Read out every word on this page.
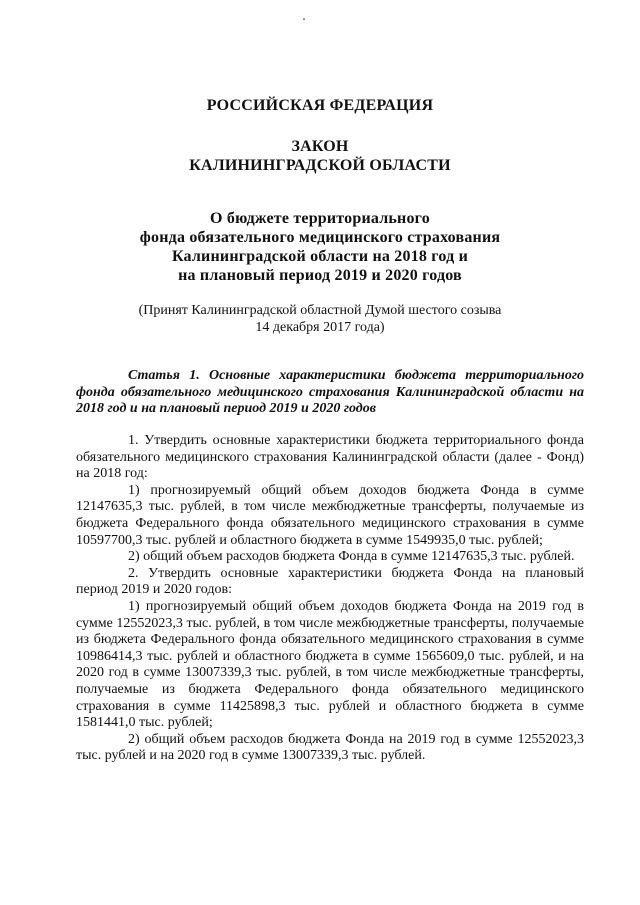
РОССИЙСКАЯ ФЕДЕРАЦИЯ
ЗАКОН
КАЛИНИНГРАДСКОЙ ОБЛАСТИ
О бюджете территориального
фонда обязательного медицинского страхования
Калининградской области на 2018 год и
на плановый период 2019 и 2020 годов
(Принят Калининградской областной Думой шестого созыва
14 декабря 2017 года)
Статья 1. Основные характеристики бюджета территориального фонда обязательного медицинского страхования Калининградской области на 2018 год и на плановый период 2019 и 2020 годов

1. Утвердить основные характеристики бюджета территориального фонда обязательного медицинского страхования Калининградской области (далее - Фонд) на 2018 год:

1) прогнозируемый общий объем доходов бюджета Фонда в сумме 12147635,3 тыс. рублей, в том числе межбюджетные трансферты, получаемые из бюджета Федерального фонда обязательного медицинского страхования в сумме 10597700,3 тыс. рублей и областного бюджета в сумме 1549935,0 тыс. рублей;

2) общий объем расходов бюджета Фонда в сумме 12147635,3 тыс. рублей.

2. Утвердить основные характеристики бюджета Фонда на плановый период 2019 и 2020 годов:

1) прогнозируемый общий объем доходов бюджета Фонда на 2019 год в сумме 12552023,3 тыс. рублей, в том числе межбюджетные трансферты, получаемые из бюджета Федерального фонда обязательного медицинского страхования в сумме 10986414,3 тыс. рублей и областного бюджета в сумме 1565609,0 тыс. рублей, и на 2020 год в сумме 13007339,3 тыс. рублей, в том числе межбюджетные трансферты, получаемые из бюджета Федерального фонда обязательного медицинского страхования в сумме 11425898,3 тыс. рублей и областного бюджета в сумме 1581441,0 тыс. рублей;

2) общий объем расходов бюджета Фонда на 2019 год в сумме 12552023,3 тыс. рублей и на 2020 год в сумме 13007339,3 тыс. рублей.
